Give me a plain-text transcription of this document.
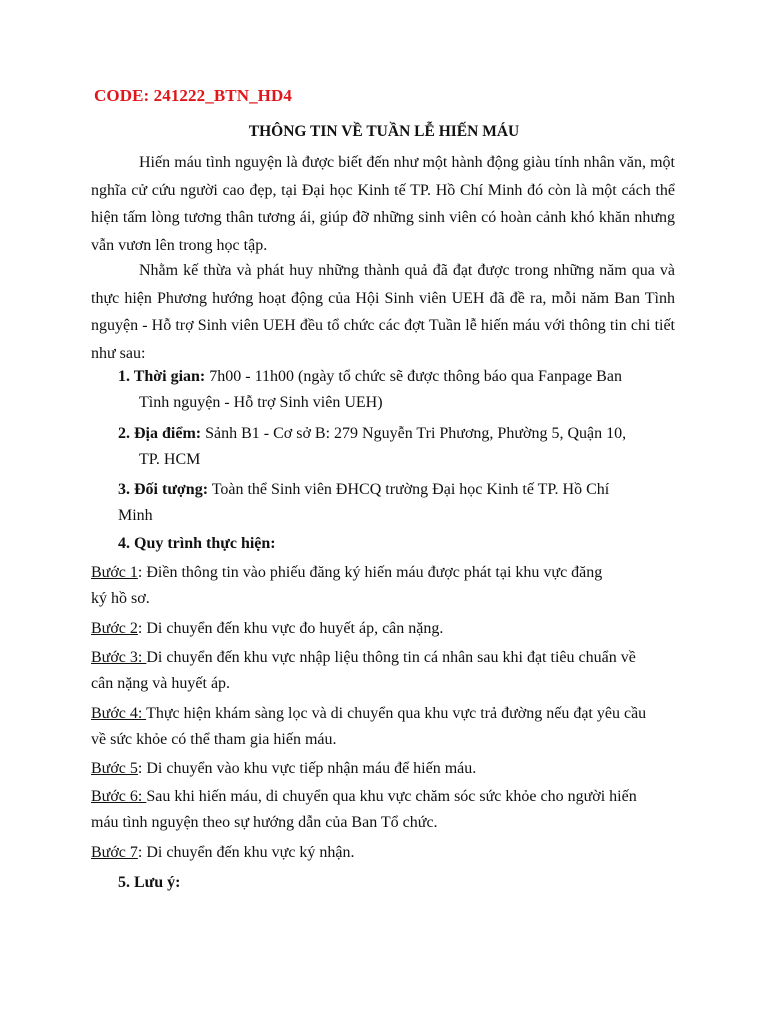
CODE: 241222_BTN_HD4
THÔNG TIN VỀ TUẦN LỄ HIẾN MÁU
Hiến máu tình nguyện là được biết đến như một hành động giàu tính nhân văn, một nghĩa cử cứu người cao đẹp, tại Đại học Kinh tế TP. Hồ Chí Minh đó còn là một cách thể hiện tấm lòng tương thân tương ái, giúp đỡ những sinh viên có hoàn cảnh khó khăn nhưng vẫn vươn lên trong học tập.
Nhằm kế thừa và phát huy những thành quả đã đạt được trong những năm qua và thực hiện Phương hướng hoạt động của Hội Sinh viên UEH đã đề ra, mỗi năm Ban Tình nguyện - Hỗ trợ Sinh viên UEH đều tổ chức các đợt Tuần lễ hiến máu với thông tin chi tiết như sau:
1. Thời gian: 7h00 - 11h00 (ngày tổ chức sẽ được thông báo qua Fanpage Ban
Tình nguyện - Hỗ trợ Sinh viên UEH)
2. Địa điểm: Sảnh B1 - Cơ sở B: 279 Nguyễn Tri Phương, Phường 5, Quận 10,
TP. HCM
3. Đối tượng: Toàn thể Sinh viên ĐHCQ trường Đại học Kinh tế TP. Hồ Chí
Minh
4. Quy trình thực hiện:
Bước 1: Điền thông tin vào phiếu đăng ký hiến máu được phát tại khu vực đăng
ký hồ sơ.
Bước 2: Di chuyển đến khu vực đo huyết áp, cân nặng.
Bước 3: Di chuyển đến khu vực nhập liệu thông tin cá nhân sau khi đạt tiêu chuẩn về
cân nặng và huyết áp.
Bước 4: Thực hiện khám sàng lọc và di chuyển qua khu vực trả đường nếu đạt yêu cầu
về sức khỏe có thể tham gia hiến máu.
Bước 5: Di chuyển vào khu vực tiếp nhận máu để hiến máu.
Bước 6: Sau khi hiến máu, di chuyển qua khu vực chăm sóc sức khỏe cho người hiến
máu tình nguyện theo sự hướng dẫn của Ban Tổ chức.
Bước 7: Di chuyển đến khu vực ký nhận.
5. Lưu ý:
